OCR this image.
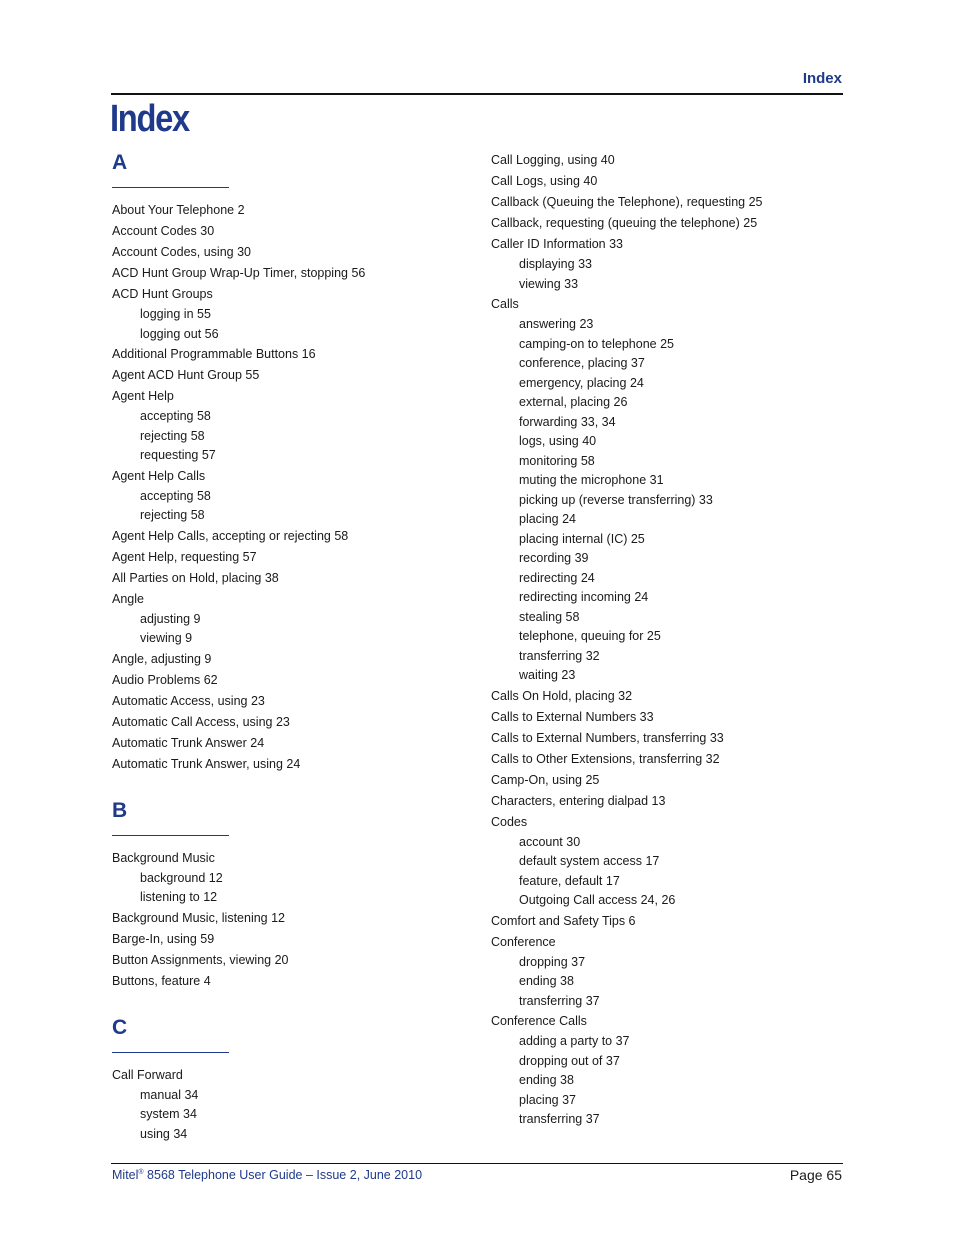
Index
Index
A
About Your Telephone 2
Account Codes 30
Account Codes, using 30
ACD Hunt Group Wrap-Up Timer, stopping 56
ACD Hunt Groups
logging in 55
logging out 56
Additional Programmable Buttons 16
Agent ACD Hunt Group 55
Agent Help
accepting 58
rejecting 58
requesting 57
Agent Help Calls
accepting 58
rejecting 58
Agent Help Calls, accepting or rejecting 58
Agent Help, requesting 57
All Parties on Hold, placing 38
Angle
adjusting 9
viewing 9
Angle, adjusting 9
Audio Problems 62
Automatic Access, using 23
Automatic Call Access, using 23
Automatic Trunk Answer 24
Automatic Trunk Answer, using 24
B
Background Music
background 12
listening to 12
Background Music, listening 12
Barge-In, using 59
Button Assignments, viewing 20
Buttons, feature 4
C
Call Forward
manual 34
system 34
using 34
Call Logging, using 40
Call Logs, using 40
Callback (Queuing the Telephone), requesting 25
Callback, requesting (queuing the telephone) 25
Caller ID Information 33
displaying 33
viewing 33
Calls
answering 23
camping-on to telephone 25
conference, placing 37
emergency, placing 24
external, placing 26
forwarding 33, 34
logs, using 40
monitoring 58
muting the microphone 31
picking up (reverse transferring) 33
placing 24
placing internal (IC) 25
recording 39
redirecting 24
redirecting incoming 24
stealing 58
telephone, queuing for 25
transferring 32
waiting 23
Calls On Hold, placing 32
Calls to External Numbers 33
Calls to External Numbers, transferring 33
Calls to Other Extensions, transferring 32
Camp-On, using 25
Characters, entering dialpad 13
Codes
account 30
default system access 17
feature, default 17
Outgoing Call access 24, 26
Comfort and Safety Tips 6
Conference
dropping 37
ending 38
transferring 37
Conference Calls
adding a party to 37
dropping out of 37
ending 38
placing 37
transferring 37
Mitel® 8568 Telephone User Guide – Issue 2, June 2010	Page 65
